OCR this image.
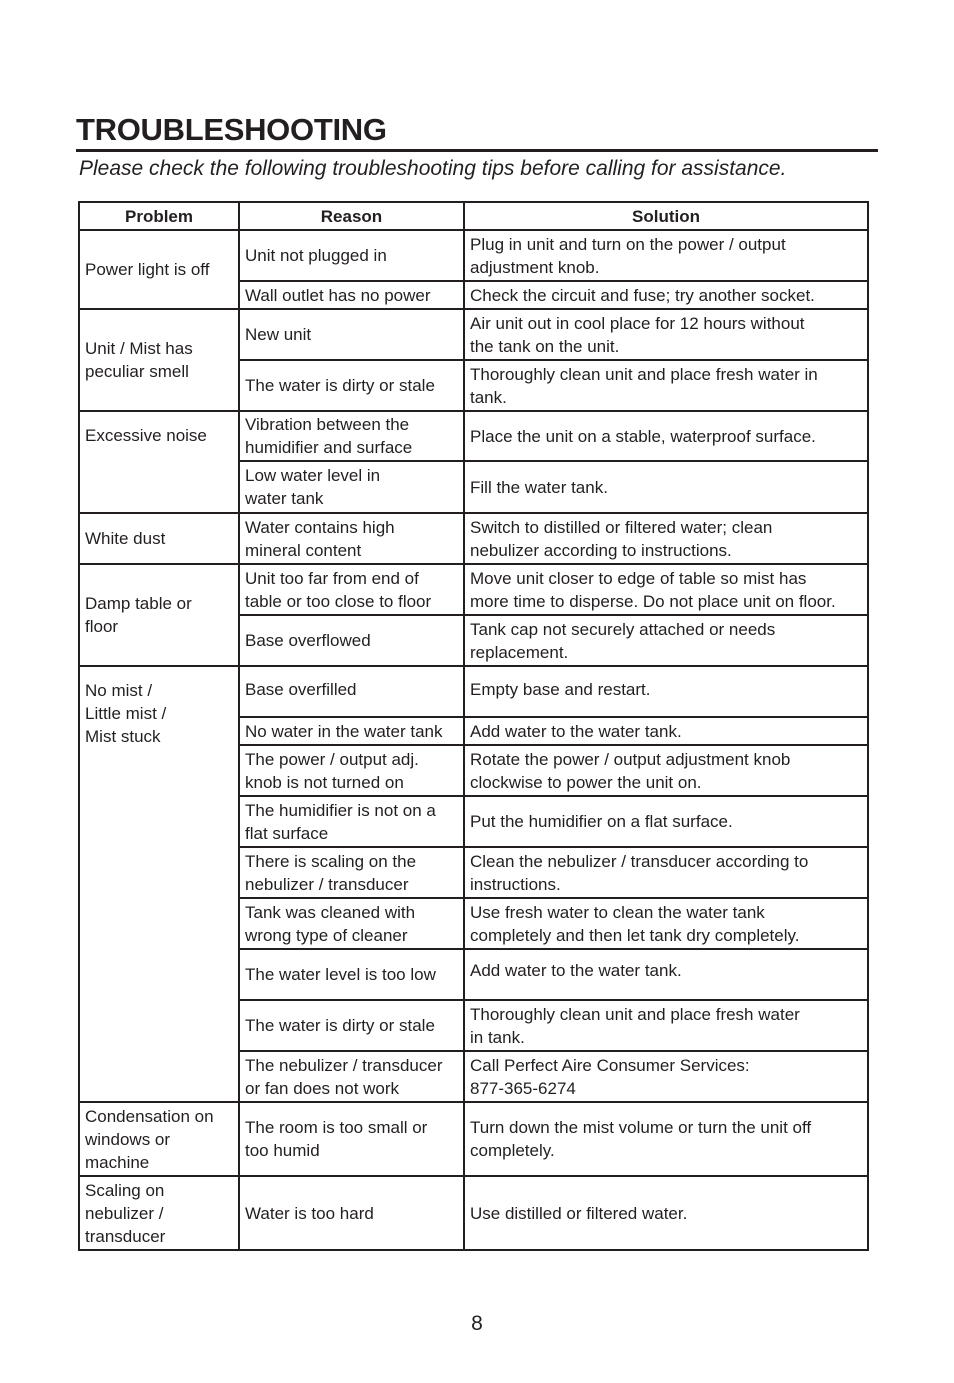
TROUBLESHOOTING

Please check the following troubleshooting tips before calling for assistance.

Problem	Reason	Solution
Power light is off	Unit not plugged in	Plug in unit and turn on the power / output
adjustment knob.
	Wall outlet has no power	Check the circuit and fuse; try another socket.
Unit / Mist has
peculiar smell	New unit	Air unit out in cool place for 12 hours without
the tank on the unit.
	The water is dirty or stale	Thoroughly clean unit and place fresh water in
tank.
Excessive noise	Vibration between the
humidifier and surface	Place the unit on a stable, waterproof surface.
	Low water level in
water tank	Fill the water tank.
White dust	Water contains high
mineral content	Switch to distilled or filtered water; clean
nebulizer according to instructions.
Damp table or
floor	Unit too far from end of
table or too close to floor	Move unit closer to edge of table so mist has
more time to disperse. Do not place unit on floor.
	Base overflowed	Tank cap not securely attached or needs
replacement.
No mist /
Little mist /
Mist stuck	Base overfilled	Empty base and restart.
	No water in the water tank	Add water to the water tank.
	The power / output adj.
knob is not turned on	Rotate the power / output adjustment knob
clockwise to power the unit on.
	The humidifier is not on a
flat surface	Put the humidifier on a flat surface.
	There is scaling on the
nebulizer / transducer	Clean the nebulizer / transducer according to
instructions.
	Tank was cleaned with
wrong type of cleaner	Use fresh water to clean the water tank
completely and then let tank dry completely.
	The water level is too low	Add water to the water tank.
	The water is dirty or stale	Thoroughly clean unit and place fresh water
in tank.
	The nebulizer / transducer
or fan does not work	Call Perfect Aire Consumer Services:
877-365-6274
Condensation on
windows or
machine	The room is too small or
too humid	Turn down the mist volume or turn the unit off
completely.
Scaling on
nebulizer /
transducer	Water is too hard	Use distilled or filtered water.
8
